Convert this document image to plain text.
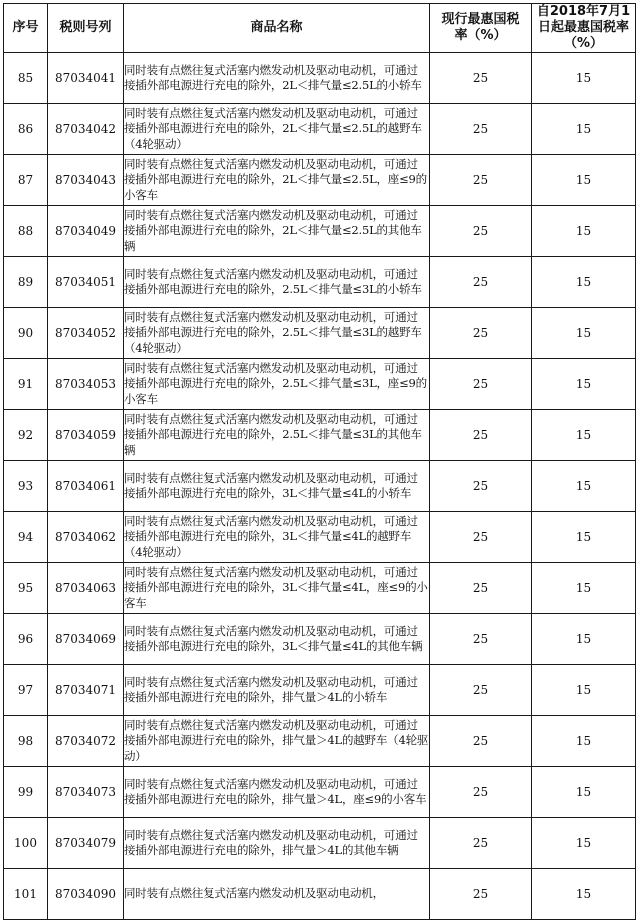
序号	税则号列	商品名称	现行最惠国税率（%）	自2018年7月1日起最惠国税率（%）
85	87034041	同时装有点燃往复式活塞内燃发动机及驱动电动机，可通过接插外部电源进行充电的除外，2L＜排气量≤2.5L的小轿车	25	15
86	87034042	同时装有点燃往复式活塞内燃发动机及驱动电动机，可通过接插外部电源进行充电的除外，2L＜排气量≤2.5L的越野车（4轮驱动）	25	15
87	87034043	同时装有点燃往复式活塞内燃发动机及驱动电动机，可通过接插外部电源进行充电的除外，2L＜排气量≤2.5L，座≤9的小客车	25	15
88	87034049	同时装有点燃往复式活塞内燃发动机及驱动电动机，可通过接插外部电源进行充电的除外，2L＜排气量≤2.5L的其他车辆	25	15
89	87034051	同时装有点燃往复式活塞内燃发动机及驱动电动机，可通过接插外部电源进行充电的除外，2.5L＜排气量≤3L的小轿车	25	15
90	87034052	同时装有点燃往复式活塞内燃发动机及驱动电动机，可通过接插外部电源进行充电的除外，2.5L＜排气量≤3L的越野车（4轮驱动）	25	15
91	87034053	同时装有点燃往复式活塞内燃发动机及驱动电动机，可通过接插外部电源进行充电的除外，2.5L＜排气量≤3L，座≤9的小客车	25	15
92	87034059	同时装有点燃往复式活塞内燃发动机及驱动电动机，可通过接插外部电源进行充电的除外，2.5L＜排气量≤3L的其他车辆	25	15
93	87034061	同时装有点燃往复式活塞内燃发动机及驱动电动机，可通过接插外部电源进行充电的除外，3L＜排气量≤4L的小轿车	25	15
94	87034062	同时装有点燃往复式活塞内燃发动机及驱动电动机，可通过接插外部电源进行充电的除外，3L＜排气量≤4L的越野车（4轮驱动）	25	15
95	87034063	同时装有点燃往复式活塞内燃发动机及驱动电动机，可通过接插外部电源进行充电的除外，3L＜排气量≤4L，座≤9的小客车	25	15
96	87034069	同时装有点燃往复式活塞内燃发动机及驱动电动机，可通过接插外部电源进行充电的除外，3L＜排气量≤4L的其他车辆	25	15
97	87034071	同时装有点燃往复式活塞内燃发动机及驱动电动机，可通过接插外部电源进行充电的除外，排气量＞4L的小轿车	25	15
98	87034072	同时装有点燃往复式活塞内燃发动机及驱动电动机，可通过接插外部电源进行充电的除外，排气量＞4L的越野车（4轮驱动）	25	15
99	87034073	同时装有点燃往复式活塞内燃发动机及驱动电动机，可通过接插外部电源进行充电的除外，排气量＞4L，座≤9的小客车	25	15
100	87034079	同时装有点燃往复式活塞内燃发动机及驱动电动机，可通过接插外部电源进行充电的除外，排气量＞4L的其他车辆	25	15
101	87034090	同时装有点燃往复式活塞内燃发动机及驱动电动机，	25	15
